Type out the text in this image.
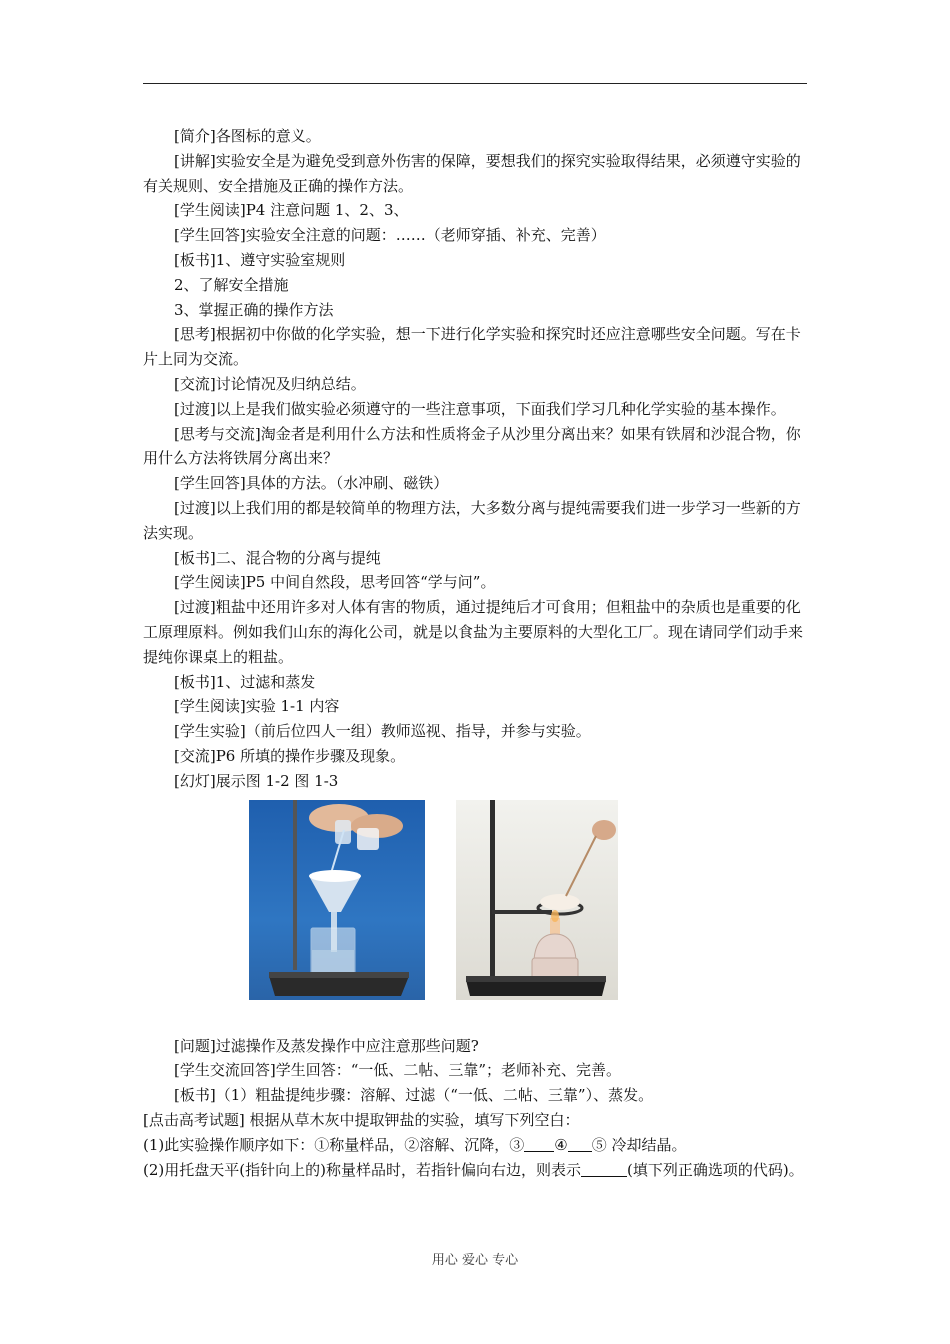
[简介]各图标的意义。

[讲解]实验安全是为避免受到意外伤害的保障，要想我们的探究实验取得结果，必须遵守实验的有关规则、安全措施及正确的操作方法。

[学生阅读]P4 注意问题 1、2、3、

[学生回答]实验安全注意的问题：……（老师穿插、补充、完善）

[板书]1、遵守实验室规则

2、了解安全措施

3、掌握正确的操作方法

[思考]根据初中你做的化学实验，想一下进行化学实验和探究时还应注意哪些安全问题。写在卡片上同为交流。

[交流]讨论情况及归纳总结。

[过渡]以上是我们做实验必须遵守的一些注意事项，下面我们学习几种化学实验的基本操作。

[思考与交流]淘金者是利用什么方法和性质将金子从沙里分离出来？如果有铁屑和沙混合物，你用什么方法将铁屑分离出来？

[学生回答]具体的方法。（水冲刷、磁铁）

[过渡]以上我们用的都是较简单的物理方法，大多数分离与提纯需要我们进一步学习一些新的方法实现。

[板书]二、混合物的分离与提纯

[学生阅读]P5 中间自然段，思考回答“学与问”。

[过渡]粗盐中还用许多对人体有害的物质，通过提纯后才可食用；但粗盐中的杂质也是重要的化工原理原料。例如我们山东的海化公司，就是以食盐为主要原料的大型化工厂。现在请同学们动手来提纯你课桌上的粗盐。

[板书]1、过滤和蒸发

[学生阅读]实验 1-1 内容

[学生实验]（前后位四人一组）教师巡视、指导，并参与实验。

[交流]P6 所填的操作步骤及现象。

[幻灯]展示图 1-2 图 1-3

[问题]过滤操作及蒸发操作中应注意那些问题?

[学生交流回答]学生回答：“一低、二帖、三靠”；老师补充、完善。

[板书]（1）粗盐提纯步骤：溶解、过滤（“一低、二帖、三靠”）、蒸发。

[点击高考试题] 根据从草木灰中提取钾盐的实验，填写下列空白：

(1)此实验操作顺序如下：①称量样品，②溶解、沉降，③ ④ ⑤ 冷却结晶。

(2)用托盘天平(指针向上的)称量样品时，若指针偏向右边，则表示	(填下列正确选项的代码)。

用心 爱心 专心
